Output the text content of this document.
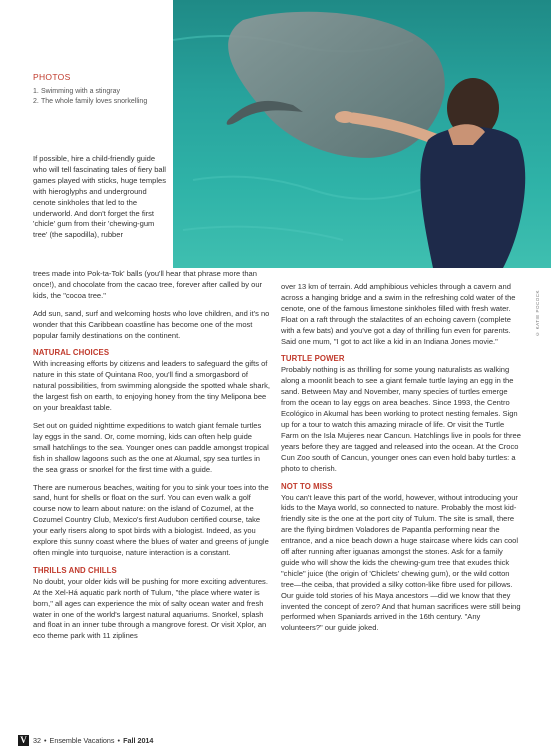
PHOTOS
1. Swimming with a stingray
2. The whole family loves snorkelling

If possible, hire a child-friendly guide who will tell fascinating tales of fiery ball games played with sticks, huge temples with hieroglyphs and underground cenote sinkholes that led to the underworld. And don't forget the first 'chicle' gum from their 'chewing-gum tree' (the sapodilla), rubber

trees made into Pok-ta-Tok' balls (you'll hear that phrase more than once!), and chocolate from the cacao tree, forever after called by our kids, the "cocoa tree."

Add sun, sand, surf and welcoming hosts who love children, and it's no wonder that this Caribbean coastline has become one of the most popular family destinations on the continent.

NATURAL CHOICES

With increasing efforts by citizens and leaders to safeguard the gifts of nature in this state of Quintana Roo, you'll find a smorgasbord of natural possibilities, from swimming alongside the spotted whale shark, the largest fish on earth, to enjoying honey from the tiny Melipona bee on your breakfast table.

Set out on guided nighttime expeditions to watch giant female turtles lay eggs in the sand. Or, come morning, kids can often help guide small hatchlings to the sea. Younger ones can paddle amongst tropical fish in shallow lagoons such as the one at Akumal, spy sea turtles in the sea grass or snorkel for the first time with a guide.

There are numerous beaches, waiting for you to sink your toes into the sand, hunt for shells or float on the surf. You can even walk a golf course now to learn about nature: on the island of Cozumel, at the Cozumel Country Club, Mexico's first Audubon certified course, take your early risers along to spot birds with a biologist. Indeed, as you explore this sunny coast where the blues of water and greens of jungle often mingle into turquoise, nature interaction is a constant.

THRILLS AND CHILLS

No doubt, your older kids will be pushing for more exciting adventures. At the Xel-Há aquatic park north of Tulum, "the place where water is born," all ages can experience the mix of salty ocean water and fresh water in one of the world's largest natural aquariums. Snorkel, splash and float in an inner tube through a mangrove forest. Or visit Xplor, an eco theme park with 11 ziplines

over 13 km of terrain. Add amphibious vehicles through a cavern and across a hanging bridge and a swim in the refreshing cold water of the cenote, one of the famous limestone sinkholes filled with fresh water. Float on a raft through the stalactites of an echoing cavern (complete with a few bats) and you've got a day of thrilling fun even for parents. Said one mum, "I got to act like a kid in an Indiana Jones movie."

TURTLE POWER

Probably nothing is as thrilling for some young naturalists as walking along a moonlit beach to see a giant female turtle laying an egg in the sand. Between May and November, many species of turtles emerge from the ocean to lay eggs on area beaches. Since 1993, the Centro Ecológico in Akumal has been working to protect nesting females. Sign up for a tour to watch this amazing miracle of life. Or visit the Turtle Farm on the Isla Mujeres near Cancun. Hatchlings live in pools for three years before they are tagged and released into the ocean. At the Croco Cun Zoo south of Cancun, younger ones can even hold baby turtles: a photo to cherish.

NOT TO MISS

You can't leave this part of the world, however, without introducing your kids to the Maya world, so connected to nature. Probably the most kid-friendly site is the one at the port city of Tulum. The site is small, there are the flying birdmen Voladores de Papantla performing near the entrance, and a nice beach down a huge staircase where kids can cool off after running after iguanas amongst the stones. Ask for a family guide who will show the kids the chewing-gum tree that exudes thick "chicle" juice (the origin of 'Chiclets' chewing gum), or the wild cotton tree—the ceiba, that provided a silky cotton-like fibre used for pillows. Our guide told stories of his Maya ancestors —did we know that they invented the concept of zero? And that human sacrifices were still being performed when Spaniards arrived in the 16th century. "Any volunteers?" our guide joked.

© KATIE POCOCK
V 32 • Ensemble Vacations • Fall 2014
